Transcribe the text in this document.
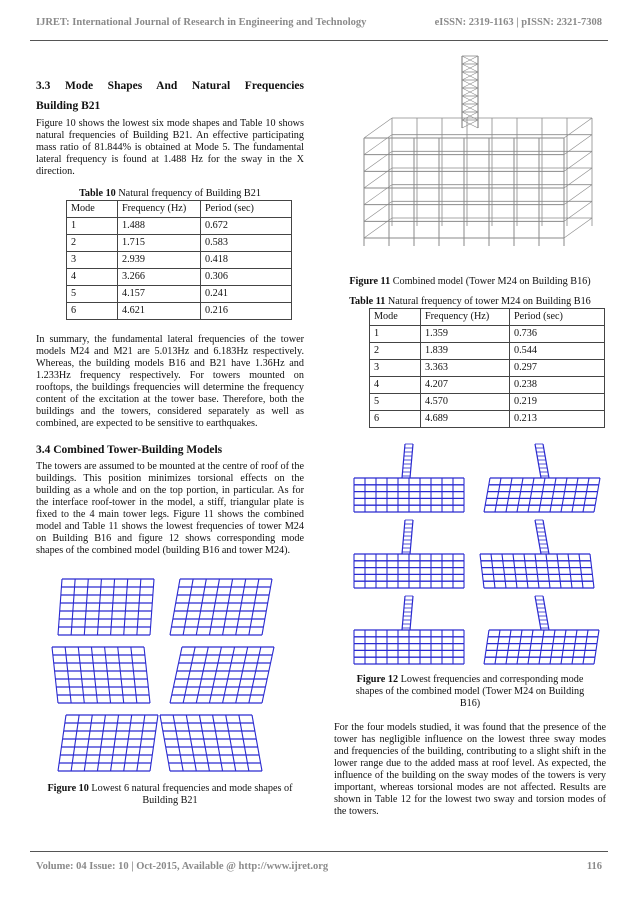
IJRET: International Journal of Research in Engineering and Technology	eISSN: 2319-1163 | pISSN: 2321-7308
3.3 Mode Shapes And Natural Frequencies
Building B21

Figure 10 shows the lowest six mode shapes and Table 10 shows natural frequencies of Building B21. An effective participating mass ratio of 81.844% is obtained at Mode 5. The fundamental lateral frequency is found at 1.488 Hz for the sway in the X direction.

Table 10 Natural frequency of Building B21

Mode	Frequency (Hz)	Period (sec)
1	1.488	0.672
2	1.715	0.583
3	2.939	0.418
4	3.266	0.306
5	4.157	0.241
6	4.621	0.216

In summary, the fundamental lateral frequencies of the tower models M24 and M21 are 5.013Hz and 6.183Hz respectively. Whereas, the building models B16 and B21 have 1.36Hz and 1.233Hz frequency respectively. For towers mounted on rooftops, the buildings frequencies will determine the frequency content of the excitation at the tower base. Therefore, both the buildings and the towers, considered separately as well as combined, are expected to be sensitive to earthquakes.

3.4 Combined Tower-Building Models

The towers are assumed to be mounted at the centre of roof of the buildings. This position minimizes torsional effects on the building as a whole and on the top portion, in particular. As for the interface roof-tower in the model, a stiff, triangular plate is fixed to the 4 main tower legs. Figure 11 shows the combined model and Table 11 shows the lowest frequencies of tower M24 on Building B16 and figure 12 shows corresponding mode shapes of the combined model (building B16 and tower M24).

Figure 10 Lowest 6 natural frequencies and mode shapes of Building B21
Figure 11 Combined model (Tower M24 on Building B16)

Table 11 Natural frequency of tower M24 on Building B16

Mode	Frequency (Hz)	Period (sec)
1	1.359	0.736
2	1.839	0.544
3	3.363	0.297
4	4.207	0.238
5	4.570	0.219
6	4.689	0.213
Figure 12 Lowest frequencies and corresponding mode shapes of the combined model (Tower M24 on Building B16)

For the four models studied, it was found that the presence of the tower has negligible influence on the lowest three sway modes and frequencies of the building, contributing to a slight shift in the lower range due to the added mass at roof level. As expected, the influence of the building on the sway modes of the towers is very important, whereas torsional modes are not affected. Results are shown in Table 12 for the lowest two sway and torsion modes of the towers.

Volume: 04 Issue: 10 | Oct-2015, Available @ http://www.ijret.org	116
